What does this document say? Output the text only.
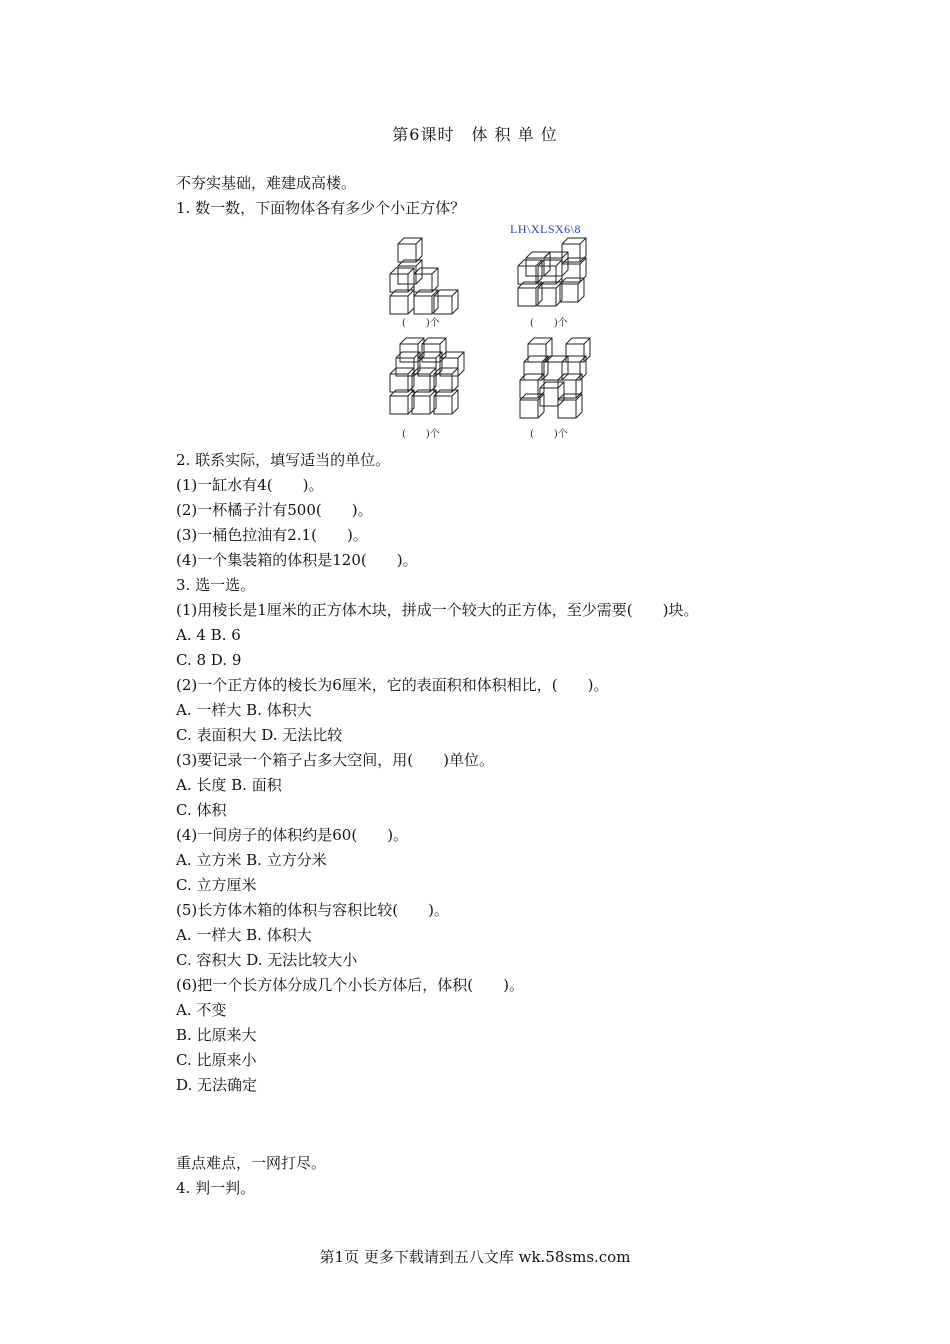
第6课时　体 积 单 位
不夯实基础，难建成高楼。
1. 数一数，下面物体各有多少个小正方体？
LH\XLSX6\8
(　　)个	(　　)个
(　　)个	(　　)个
2. 联系实际，填写适当的单位。
(1)一缸水有4(　　)。
(2)一杯橘子汁有500(　　)。
(3)一桶色拉油有2.1(　　)。
(4)一个集装箱的体积是120(　　)。
3. 选一选。
(1)用棱长是1厘米的正方体木块，拼成一个较大的正方体，至少需要(　　)块。
A. 4 B. 6
C. 8 D. 9
(2)一个正方体的棱长为6厘米，它的表面积和体积相比，(　　)。
A. 一样大 B. 体积大
C. 表面积大 D. 无法比较
(3)要记录一个箱子占多大空间，用(　　)单位。
A. 长度 B. 面积
C. 体积
(4)一间房子的体积约是60(　　)。
A. 立方米 B. 立方分米
C. 立方厘米
(5)长方体木箱的体积与容积比较(　　)。
A. 一样大 B. 体积大
C. 容积大 D. 无法比较大小
(6)把一个长方体分成几个小长方体后，体积(　　)。
A. 不变
B. 比原来大
C. 比原来小
D. 无法确定
重点难点，一网打尽。
4. 判一判。
第1页 更多下载请到五八文库 wk.58sms.com
